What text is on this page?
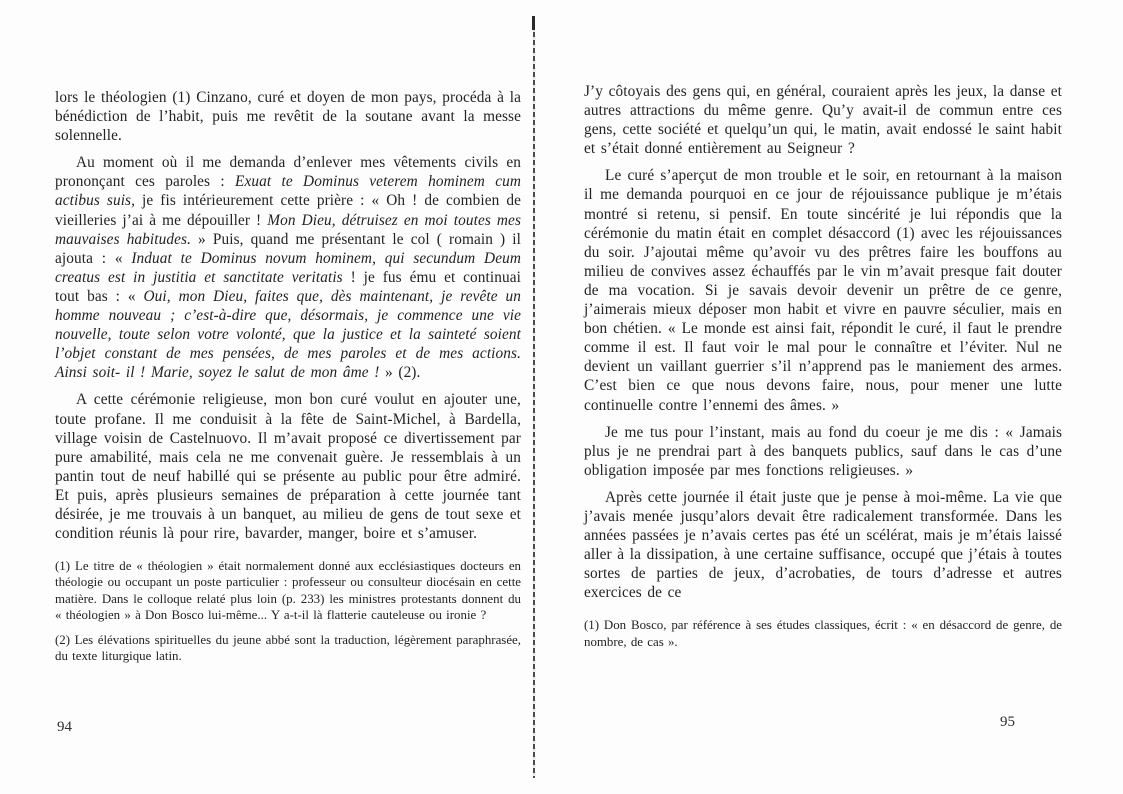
lors le théologien (1) Cinzano, curé et doyen de mon pays, procéda à la bénédiction de l’habit, puis me revêtit de la soutane avant la messe solennelle.

Au moment où il me demanda d’enlever mes vêtements civils en prononçant ces paroles : Exuat te Dominus veterem hominem cum actibus suis, je fis intérieurement cette prière : « Oh ! de combien de vieilleries j’ai à me dépouiller ! Mon Dieu, détruisez en moi toutes mes mauvaises habitudes. » Puis, quand me présentant le col ( romain ) il ajouta : « Induat te Dominus novum hominem, qui secundum Deum creatus est in justitia et sanctitate veritatis ! je fus ému et continuai tout bas : « Oui, mon Dieu, faites que, dès maintenant, je revête un homme nouveau ; c’est-à-dire que, désormais, je commence une vie nouvelle, toute selon votre volonté, que la justice et la sainteté soient l’objet constant de mes pensées, de mes paroles et de mes actions. Ainsi soit- il ! Marie, soyez le salut de mon âme ! » (2).

A cette cérémonie religieuse, mon bon curé voulut en ajouter une, toute profane. Il me conduisit à la fête de Saint-Michel, à Bardella, village voisin de Castelnuovo. Il m’avait proposé ce divertissement par pure amabilité, mais cela ne me convenait guère. Je ressemblais à un pantin tout de neuf habillé qui se présente au public pour être admiré. Et puis, après plusieurs semaines de préparation à cette journée tant désirée, je me trouvais à un banquet, au milieu de gens de tout sexe et condition réunis là pour rire, bavarder, manger, boire et s’amuser.

(1) Le titre de « théologien » était normalement donné aux ecclésiastiques docteurs en théologie ou occupant un poste particulier : professeur ou consulteur diocésain en cette matière. Dans le colloque relaté plus loin (p. 233) les ministres protestants donnent du « théologien » à Don Bosco lui-même... Y a-t-il là flatterie cauteleuse ou ironie ?

(2) Les élévations spirituelles du jeune abbé sont la traduction, légèrement paraphrasée, du texte liturgique latin.

J’y côtoyais des gens qui, en général, couraient après les jeux, la danse et autres attractions du même genre. Qu’y avait-il de commun entre ces gens, cette société et quelqu’un qui, le matin, avait endossé le saint habit et s’était donné entièrement au Seigneur ?

Le curé s’aperçut de mon trouble et le soir, en retournant à la maison il me demanda pourquoi en ce jour de réjouissance publique je m’étais montré si retenu, si pensif. En toute sincérité je lui répondis que la cérémonie du matin était en complet désaccord (1) avec les réjouissances du soir. J’ajoutai même qu’avoir vu des prêtres faire les bouffons au milieu de convives assez échauffés par le vin m’avait presque fait douter de ma vocation. Si je savais devoir devenir un prêtre de ce genre, j’aimerais mieux déposer mon habit et vivre en pauvre séculier, mais en bon chétien. « Le monde est ainsi fait, répondit le curé, il faut le prendre comme il est. Il faut voir le mal pour le connaître et l’éviter. Nul ne devient un vaillant guerrier s’il n’apprend pas le maniement des armes. C’est bien ce que nous devons faire, nous, pour mener une lutte continuelle contre l’ennemi des âmes. »

Je me tus pour l’instant, mais au fond du coeur je me dis : « Jamais plus je ne prendrai part à des banquets publics, sauf dans le cas d’une obligation imposée par mes fonctions religieuses. »

Après cette journée il était juste que je pense à moi-même. La vie que j’avais menée jusqu’alors devait être radicalement transformée. Dans les années passées je n’avais certes pas été un scélérat, mais je m’étais laissé aller à la dissipation, à une certaine suffisance, occupé que j’étais à toutes sortes de parties de jeux, d’acrobaties, de tours d’adresse et autres exercices de ce

(1) Don Bosco, par référence à ses études classiques, écrit : « en désaccord de genre, de nombre, de cas ».

94	95
